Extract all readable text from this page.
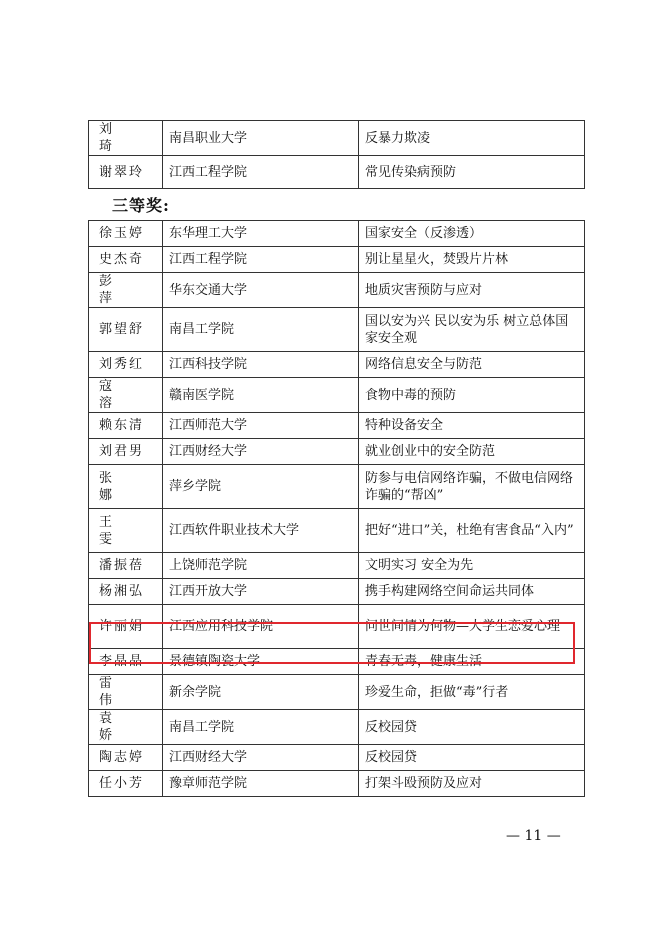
刘　琦	南昌职业大学	反暴力欺凌
谢翠玲	江西工程学院	常见传染病预防
三等奖:
徐玉婷	东华理工大学	国家安全（反渗透）
史杰奇	江西工程学院	别让星星火，焚毁片片林
彭　萍	华东交通大学	地质灾害预防与应对
郭望舒	南昌工学院	国以安为兴 民以安为乐 树立总体国家安全观
刘秀红	江西科技学院	网络信息安全与防范
寇　溶	赣南医学院	食物中毒的预防
赖东清	江西师范大学	特种设备安全
刘君男	江西财经大学	就业创业中的安全防范
张　娜	萍乡学院	防参与电信网络诈骗，不做电信网络诈骗的“帮凶”
王　雯	江西软件职业技术大学	把好“进口”关，杜绝有害食品“入内”
潘振蓓	上饶师范学院	文明实习 安全为先
杨湘弘	江西开放大学	携手构建网络空间命运共同体
许丽娟	江西应用科技学院	问世间情为何物—大学生恋爱心理
李晶晶	景德镇陶瓷大学	青春无毒，健康生活
雷　伟	新余学院	珍爱生命，拒做“毒”行者
袁　娇	南昌工学院	反校园贷
陶志婷	江西财经大学	反校园贷
任小芳	豫章师范学院	打架斗殴预防及应对
— 11 —
